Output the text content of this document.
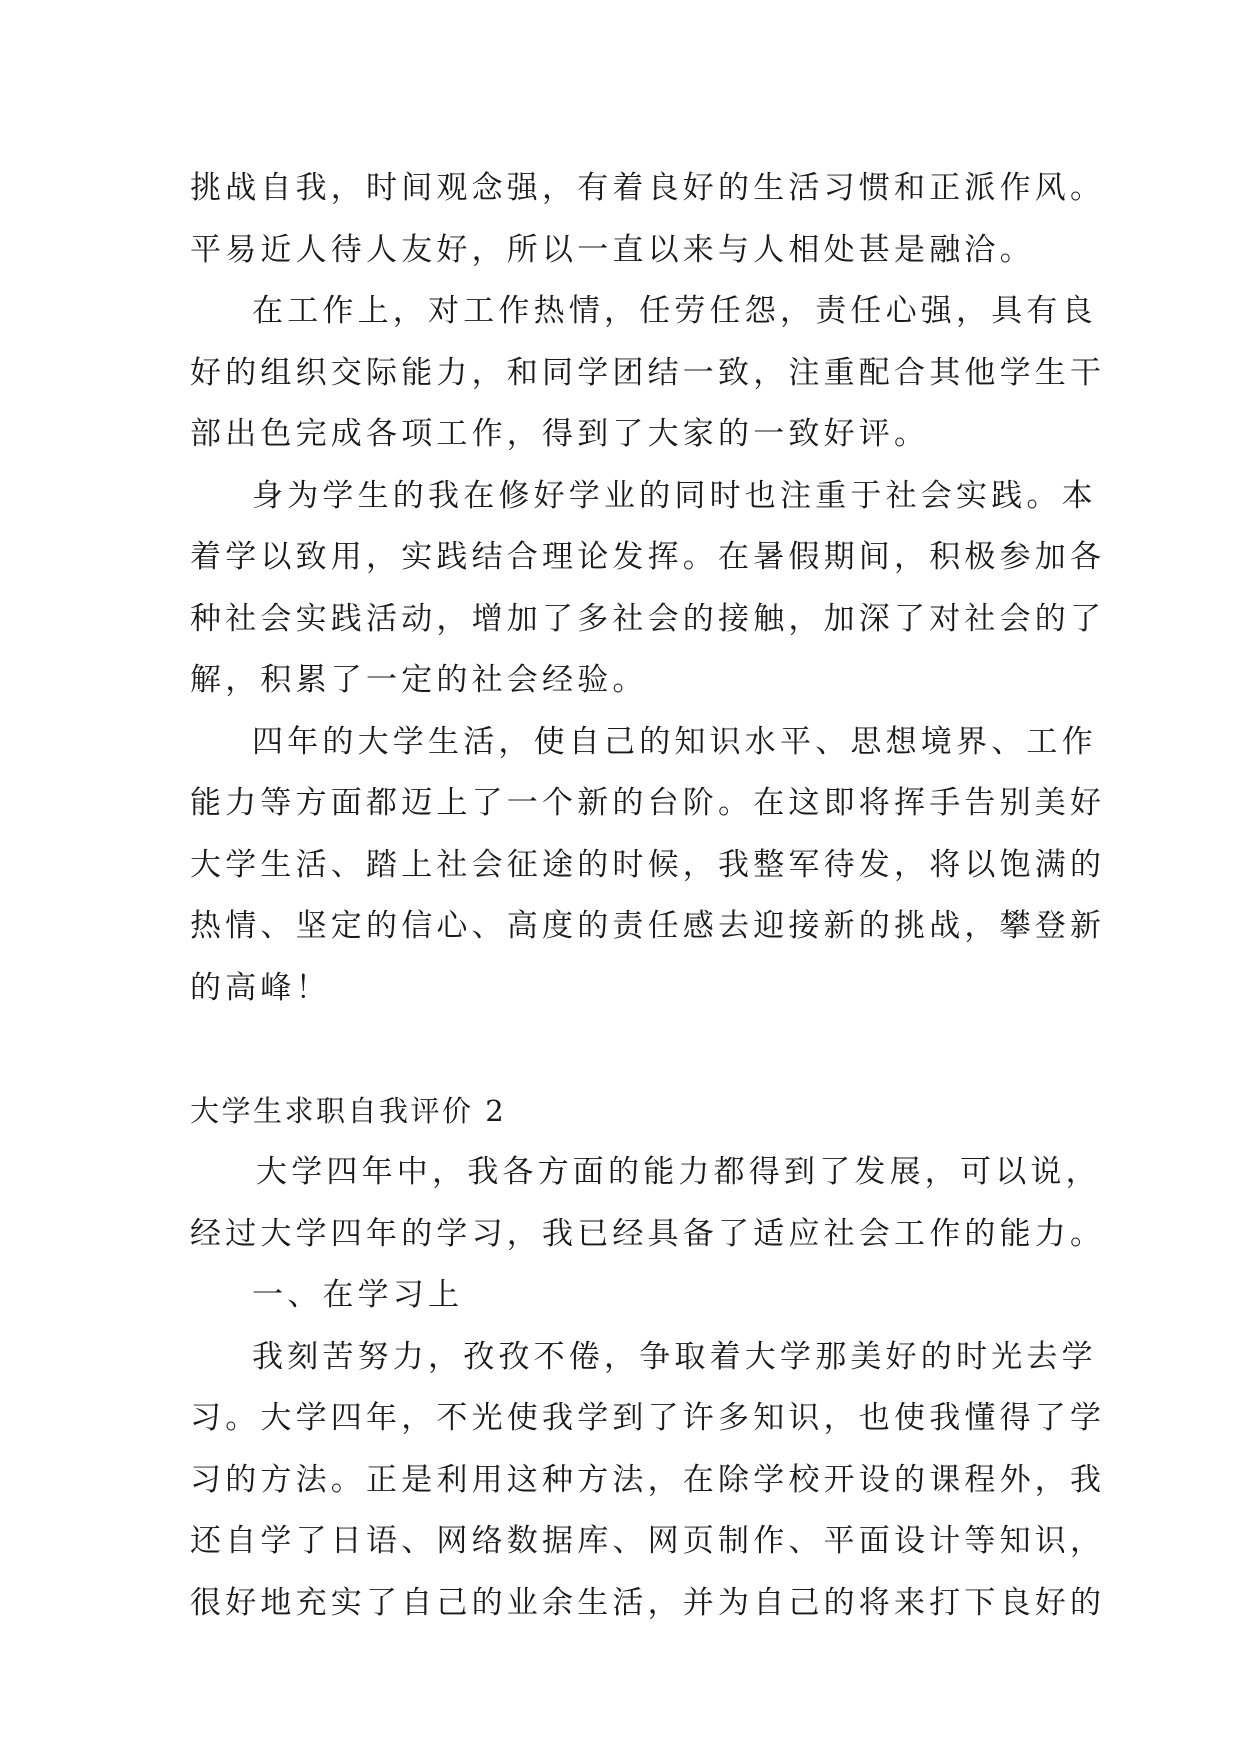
挑战自我，时间观念强，有着良好的生活习惯和正派作风。
平易近人待人友好，所以一直以来与人相处甚是融洽。
在工作上，对工作热情，任劳任怨，责任心强，具有良
好的组织交际能力，和同学团结一致，注重配合其他学生干
部出色完成各项工作，得到了大家的一致好评。
身为学生的我在修好学业的同时也注重于社会实践。本
着学以致用，实践结合理论发挥。在暑假期间，积极参加各
种社会实践活动，增加了多社会的接触，加深了对社会的了
解，积累了一定的社会经验。
四年的大学生活，使自己的知识水平、思想境界、工作
能力等方面都迈上了一个新的台阶。在这即将挥手告别美好
大学生活、踏上社会征途的时候，我整军待发，将以饱满的
热情、坚定的信心、高度的责任感去迎接新的挑战，攀登新
的高峰！
大学生求职自我评价 2
大学四年中，我各方面的能力都得到了发展，可以说，
经过大学四年的学习，我已经具备了适应社会工作的能力。
一、在学习上
我刻苦努力，孜孜不倦，争取着大学那美好的时光去学
习。大学四年，不光使我学到了许多知识，也使我懂得了学
习的方法。正是利用这种方法，在除学校开设的课程外，我
还自学了日语、网络数据库、网页制作、平面设计等知识，
很好地充实了自己的业余生活，并为自己的将来打下良好的
